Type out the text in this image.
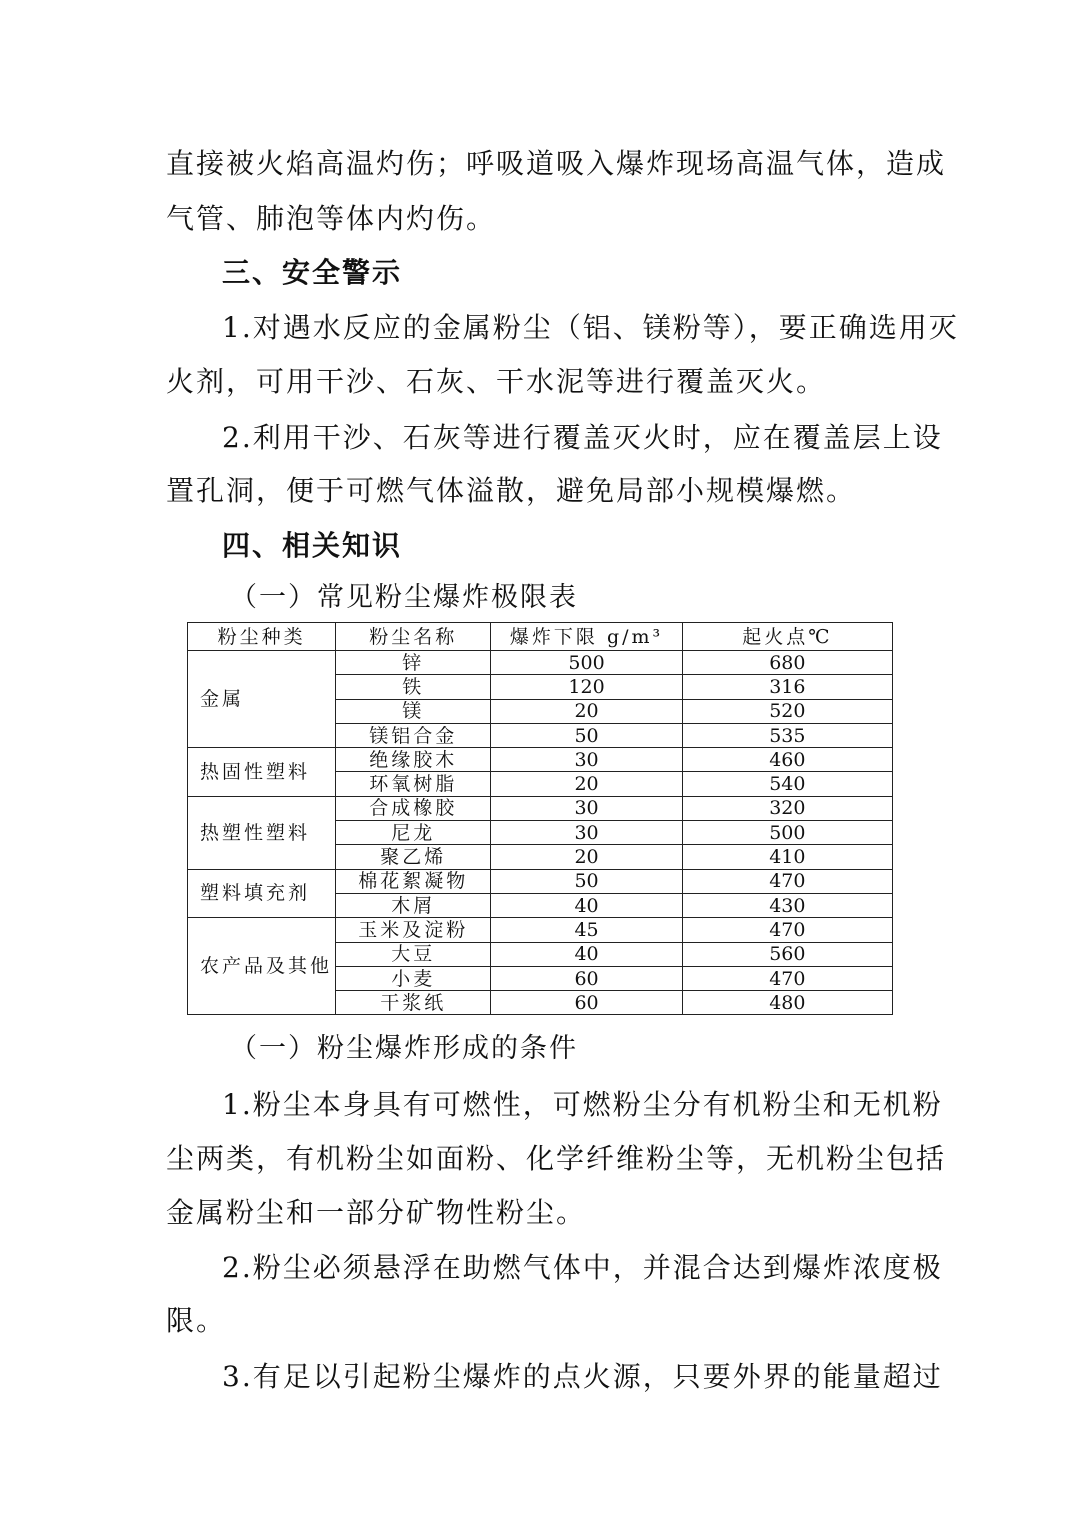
直接被火焰高温灼伤；呼吸道吸入爆炸现场高温气体，造成
气管、肺泡等体内灼伤。
三、安全警示
1.对遇水反应的金属粉尘（铝、镁粉等），要正确选用灭
火剂，可用干沙、石灰、干水泥等进行覆盖灭火。
2.利用干沙、石灰等进行覆盖灭火时，应在覆盖层上设
置孔洞，便于可燃气体溢散，避免局部小规模爆燃。
四、相关知识
（一）常见粉尘爆炸极限表
粉尘种类	粉尘名称	爆炸下限 g/m³	起火点℃
金属	锌	500	680
	铁	120	316
	镁	20	520
	镁铝合金	50	535
热固性塑料	绝缘胶木	30	460
	环氧树脂	20	540
热塑性塑料	合成橡胶	30	320
	尼龙	30	500
	聚乙烯	20	410
塑料填充剂	棉花絮凝物	50	470
	木屑	40	430
农产品及其他	玉米及淀粉	45	470
	大豆	40	560
	小麦	60	470
	干浆纸	60	480
（一）粉尘爆炸形成的条件
1.粉尘本身具有可燃性，可燃粉尘分有机粉尘和无机粉
尘两类，有机粉尘如面粉、化学纤维粉尘等，无机粉尘包括
金属粉尘和一部分矿物性粉尘。
2.粉尘必须悬浮在助燃气体中，并混合达到爆炸浓度极
限。
3.有足以引起粉尘爆炸的点火源，只要外界的能量超过
